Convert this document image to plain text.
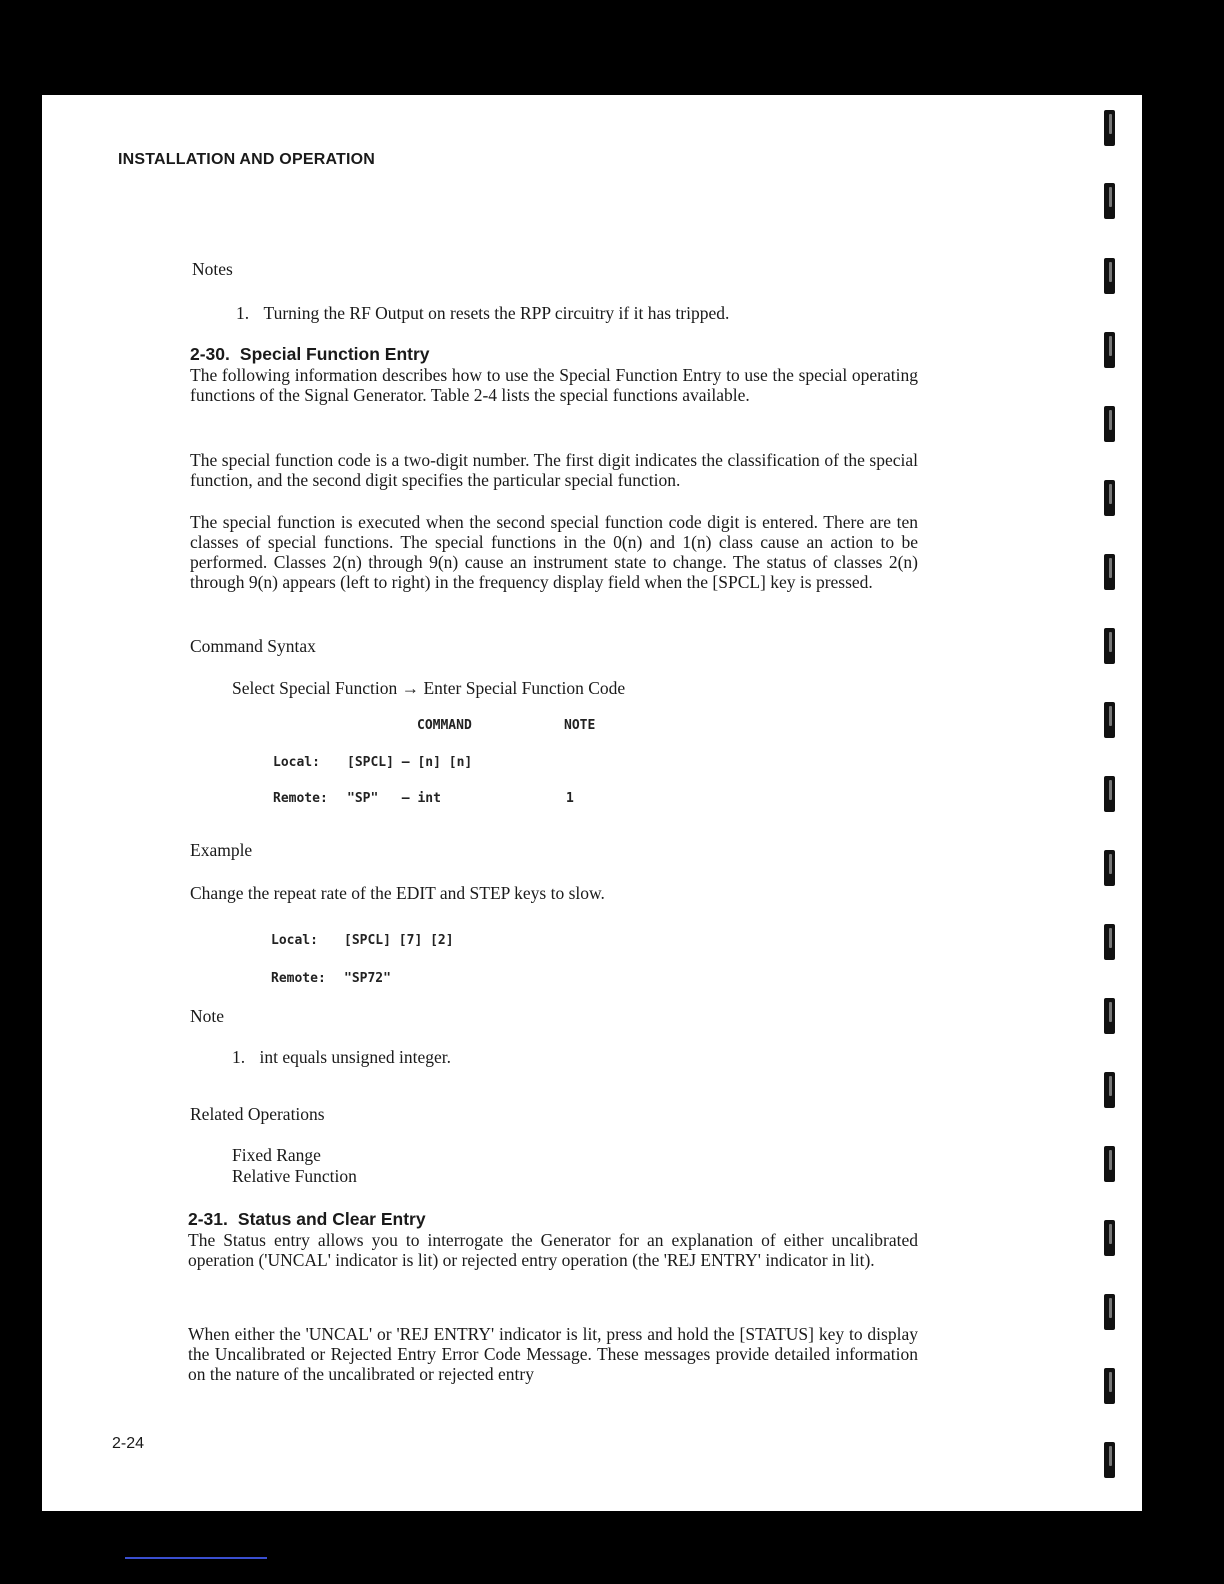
INSTALLATION AND OPERATION
Notes
1. Turning the RF Output on resets the RPP circuitry if it has tripped.
2-30. Special Function Entry
The following information describes how to use the Special Function Entry to use the special operating functions of the Signal Generator. Table 2-4 lists the special functions available.
The special function code is a two-digit number. The first digit indicates the classification of the special function, and the second digit specifies the particular special function.
The special function is executed when the second special function code digit is entered. There are ten classes of special functions. The special functions in the 0(n) and 1(n) class cause an action to be performed. Classes 2(n) through 9(n) cause an instrument state to change. The status of classes 2(n) through 9(n) appears (left to right) in the frequency display field when the [SPCL] key is pressed.
Command Syntax
Select Special Function → Enter Special Function Code
COMMAND	NOTE
Local: [SPCL] — [n] [n]
Remote: "SP"   — int	1
Example
Change the repeat rate of the EDIT and STEP keys to slow.
Local: [SPCL] [7] [2]
Remote: "SP72"
Note
1. int equals unsigned integer.
Related Operations
Fixed Range
Relative Function
2-31. Status and Clear Entry
The Status entry allows you to interrogate the Generator for an explanation of either uncalibrated operation ('UNCAL' indicator is lit) or rejected entry operation (the 'REJ ENTRY' indicator in lit).
When either the 'UNCAL' or 'REJ ENTRY' indicator is lit, press and hold the [STATUS] key to display the Uncalibrated or Rejected Entry Error Code Message. These messages provide detailed information on the nature of the uncalibrated or rejected entry
2-24
